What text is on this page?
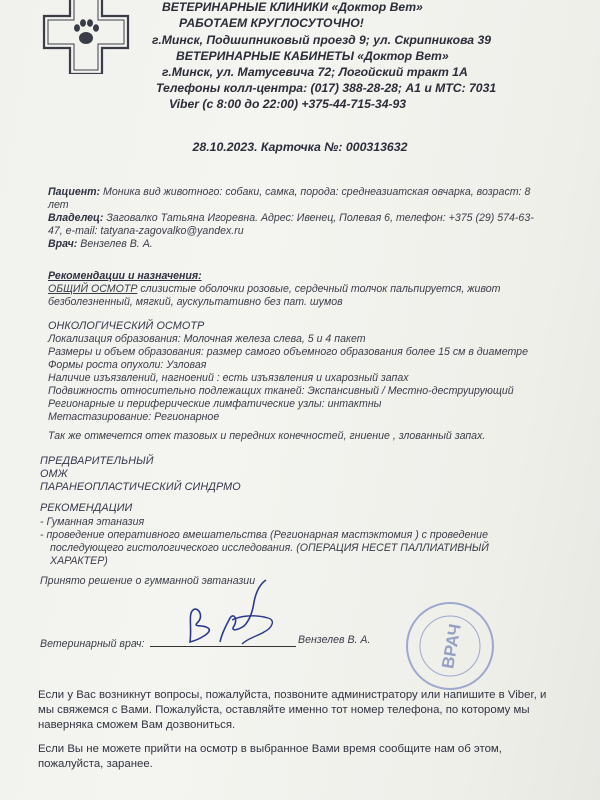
ВЕТЕРИНАРНЫЕ КЛИНИКИ «Доктор Вет»
РАБОТАЕМ КРУГЛОСУТОЧНО!
г.Минск, Подшипниковый проезд 9; ул. Скрипникова 39
ВЕТЕРИНАРНЫЕ КАБИНЕТЫ «Доктор Вет»
г.Минск, ул. Матусевича 72; Логойский тракт 1А
Телефоны колл-центра: (017) 388-28-28; А1 и МТС: 7031
Viber (с 8:00 до 22:00) +375-44-715-34-93
28.10.2023. Карточка №: 000313632
Пациент: Моника вид животного: собаки, самка, порода: среднеазиатская овчарка, возраст: 8 лет
Владелец: Заговалко Татьяна Игоревна. Адрес: Ивенец, Полевая 6, телефон: +375 (29) 574-63-47, e-mail: tatyana-zagovalko@yandex.ru
Врач: Вензелев В. А.
Рекомендации и назначения:
ОБЩИЙ ОСМОТР слизистые оболочки розовые, сердечный толчок пальпируется, живот безболезненный, мягкий, аускультативно без пат. шумов
ОНКОЛОГИЧЕСКИЙ ОСМОТР
Локализация образования: Молочная железа слева, 5 и 4 пакет
Размеры и объем образования: размер самого объемного образования более 15 см в диаметре
Формы роста опухоли: Узловая
Наличие изъязвлений, нагноений : есть изъязвления и ихарозный запах
Подвижность относительно подлежащих тканей: Экспансивный / Местно-деструирующий
Регионарные и периферические лимфатические узлы: интактны
Метастазирование: Регионарное
Так же отмечется отек тазовых и передних конечностей, гниение , злованный запах.
ПРЕДВАРИТЕЛЬНЫЙ
ОМЖ
ПАРАНЕОПЛАСТИЧЕСКИЙ СИНДРМО
РЕКОМЕНДАЦИИ
- Гуманная этаназия
- проведение оперативного вмешательства (Регионарная мастэктомия ) с проведение
последующего гистологического исследования. (ОПЕРАЦИЯ НЕСЕТ ПАЛЛИАТИВНЫЙ
ХАРАКТЕР)
Принято решение о гумманной эвтаназии
Ветеринарный врач:	Вензелев В. А.	ВРАЧ
Если у Вас возникнут вопросы, пожалуйста, позвоните администратору или напишите в Viber, и
мы свяжемся с Вами. Пожалуйста, оставляйте именно тот номер телефона, по которому мы
наверняка сможем Вам дозвониться.
Если Вы не можете прийти на осмотр в выбранное Вами время сообщите нам об этом,
пожалуйста, заранее.
